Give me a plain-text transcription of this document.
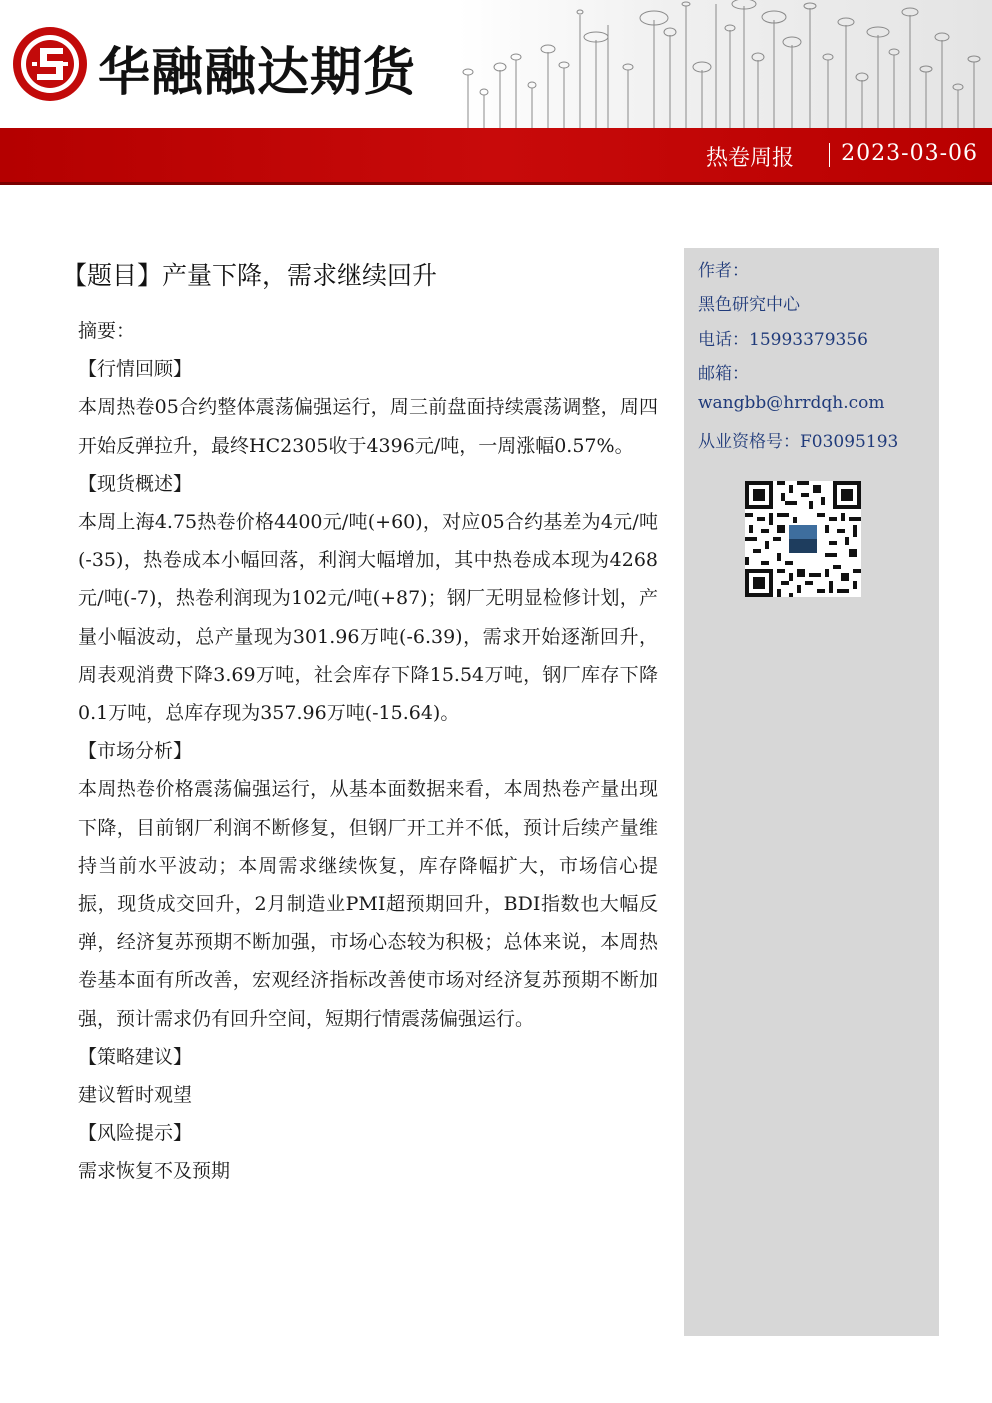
华融融达期货
热卷周报 2023-03-06
【题目】产量下降，需求继续回升

摘要：

【行情回顾】

本周热卷05合约整体震荡偏强运行，周三前盘面持续震荡调整，周四开始反弹拉升，最终HC2305收于4396元/吨，一周涨幅0.57%。

【现货概述】

本周上海4.75热卷价格4400元/吨(+60)，对应05合约基差为4元/吨(-35)，热卷成本小幅回落，利润大幅增加，其中热卷成本现为4268元/吨(-7)，热卷利润现为102元/吨(+87)；钢厂无明显检修计划，产量小幅波动，总产量现为301.96万吨(-6.39)，需求开始逐渐回升，周表观消费下降3.69万吨，社会库存下降15.54万吨，钢厂库存下降0.1万吨，总库存现为357.96万吨(-15.64)。

【市场分析】

本周热卷价格震荡偏强运行，从基本面数据来看，本周热卷产量出现下降，目前钢厂利润不断修复，但钢厂开工并不低，预计后续产量维持当前水平波动；本周需求继续恢复，库存降幅扩大，市场信心提振，现货成交回升，2月制造业PMI超预期回升，BDI指数也大幅反弹，经济复苏预期不断加强，市场心态较为积极；总体来说，本周热卷基本面有所改善，宏观经济指标改善使市场对经济复苏预期不断加强，预计需求仍有回升空间，短期行情震荡偏强运行。

【策略建议】

建议暂时观望

【风险提示】

需求恢复不及预期

作者：
黑色研究中心
电话：15993379356
邮箱：
wangbb@hrrdqh.com
从业资格号：F03095193
